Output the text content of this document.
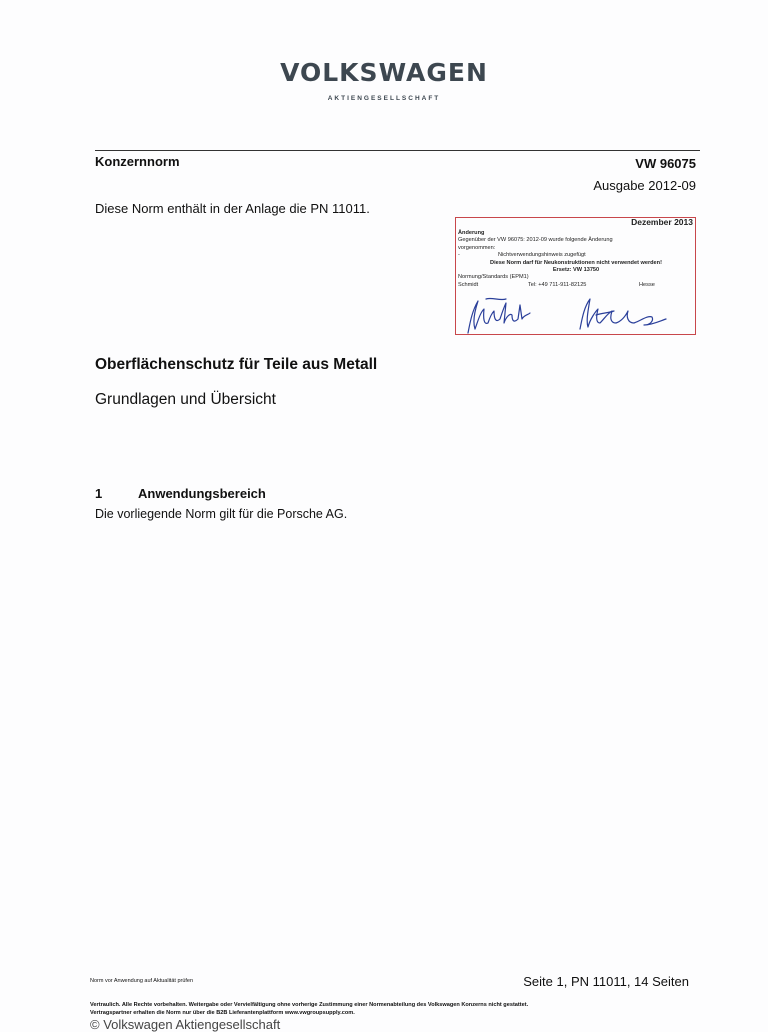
VOLKSWAGEN
AKTIENGESELLSCHAFT
Konzernnorm	VW 96075
Ausgabe 2012-09
Diese Norm enthält in der Anlage die PN 11011.
Dezember 2013
Änderung
Gegenüber der VW 96075: 2012-09 wurde folgende Änderung
vorgenommen:
-	Nichtverwendungshinweis zugefügt
Diese Norm darf für Neukonstruktionen nicht verwendet werden!
Ersetz: VW 13750
Normung/Standards (EPM1)
Schmidt	Tel: +49 711-911-82125	Hesse
Oberflächenschutz für Teile aus Metall
Grundlagen und Übersicht
1	Anwendungsbereich
Die vorliegende Norm gilt für die Porsche AG.
Norm vor Anwendung auf Aktualität prüfen	Seite 1, PN 11011, 14 Seiten
Vertraulich. Alle Rechte vorbehalten. Weitergabe oder Vervielfältigung ohne vorherige Zustimmung einer Normenabteilung des Volkswagen Konzerns nicht gestattet.
Vertragspartner erhalten die Norm nur über die B2B Lieferantenplattform www.vwgroupsupply.com.
© Volkswagen Aktiengesellschaft
